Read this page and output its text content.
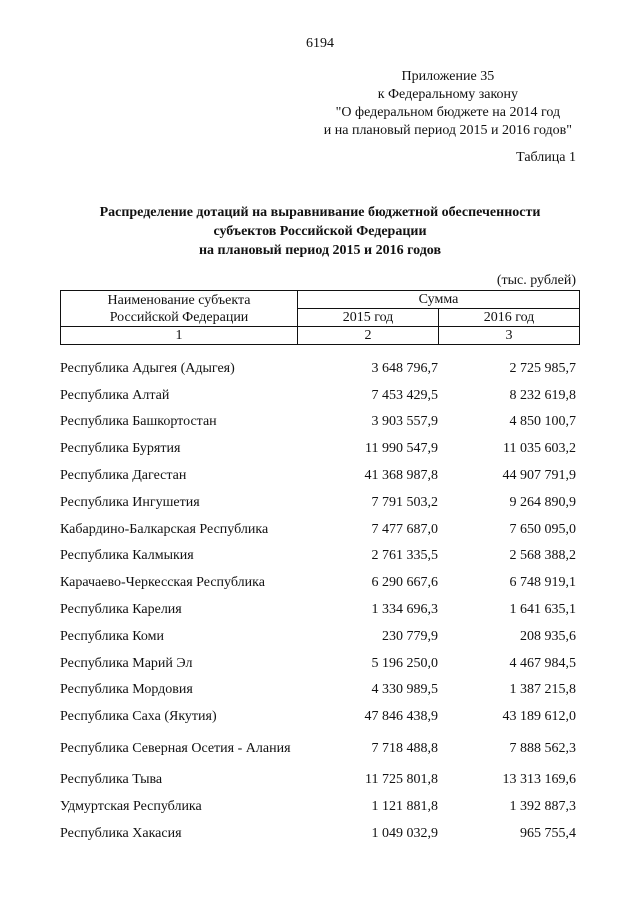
6194
Приложение 35
к Федеральному закону
"О федеральном бюджете на 2014 год
и на плановый период 2015 и 2016 годов"
Таблица 1
Распределение дотаций на выравнивание бюджетной обеспеченности
субъектов Российской Федерации
на плановый период 2015 и 2016 годов
(тыс. рублей)
Наименование субъекта
Российской Федерации	Сумма	
	2015 год	2016 год
1	2	3
Республика Адыгея (Адыгея)	3 648 796,7	2 725 985,7
Республика Алтай	7 453 429,5	8 232 619,8
Республика Башкортостан	3 903 557,9	4 850 100,7
Республика Бурятия	11 990 547,9	11 035 603,2
Республика Дагестан	41 368 987,8	44 907 791,9
Республика Ингушетия	7 791 503,2	9 264 890,9
Кабардино-Балкарская Республика	7 477 687,0	7 650 095,0
Республика Калмыкия	2 761 335,5	2 568 388,2
Карачаево-Черкесская Республика	6 290 667,6	6 748 919,1
Республика Карелия	1 334 696,3	1 641 635,1
Республика Коми	230 779,9	208 935,6
Республика Марий Эл	5 196 250,0	4 467 984,5
Республика Мордовия	4 330 989,5	1 387 215,8
Республика Саха (Якутия)	47 846 438,9	43 189 612,0
Республика Северная Осетия - Алания	7 718 488,8	7 888 562,3
Республика Тыва	11 725 801,8	13 313 169,6
Удмуртская Республика	1 121 881,8	1 392 887,3
Республика Хакасия	1 049 032,9	965 755,4
